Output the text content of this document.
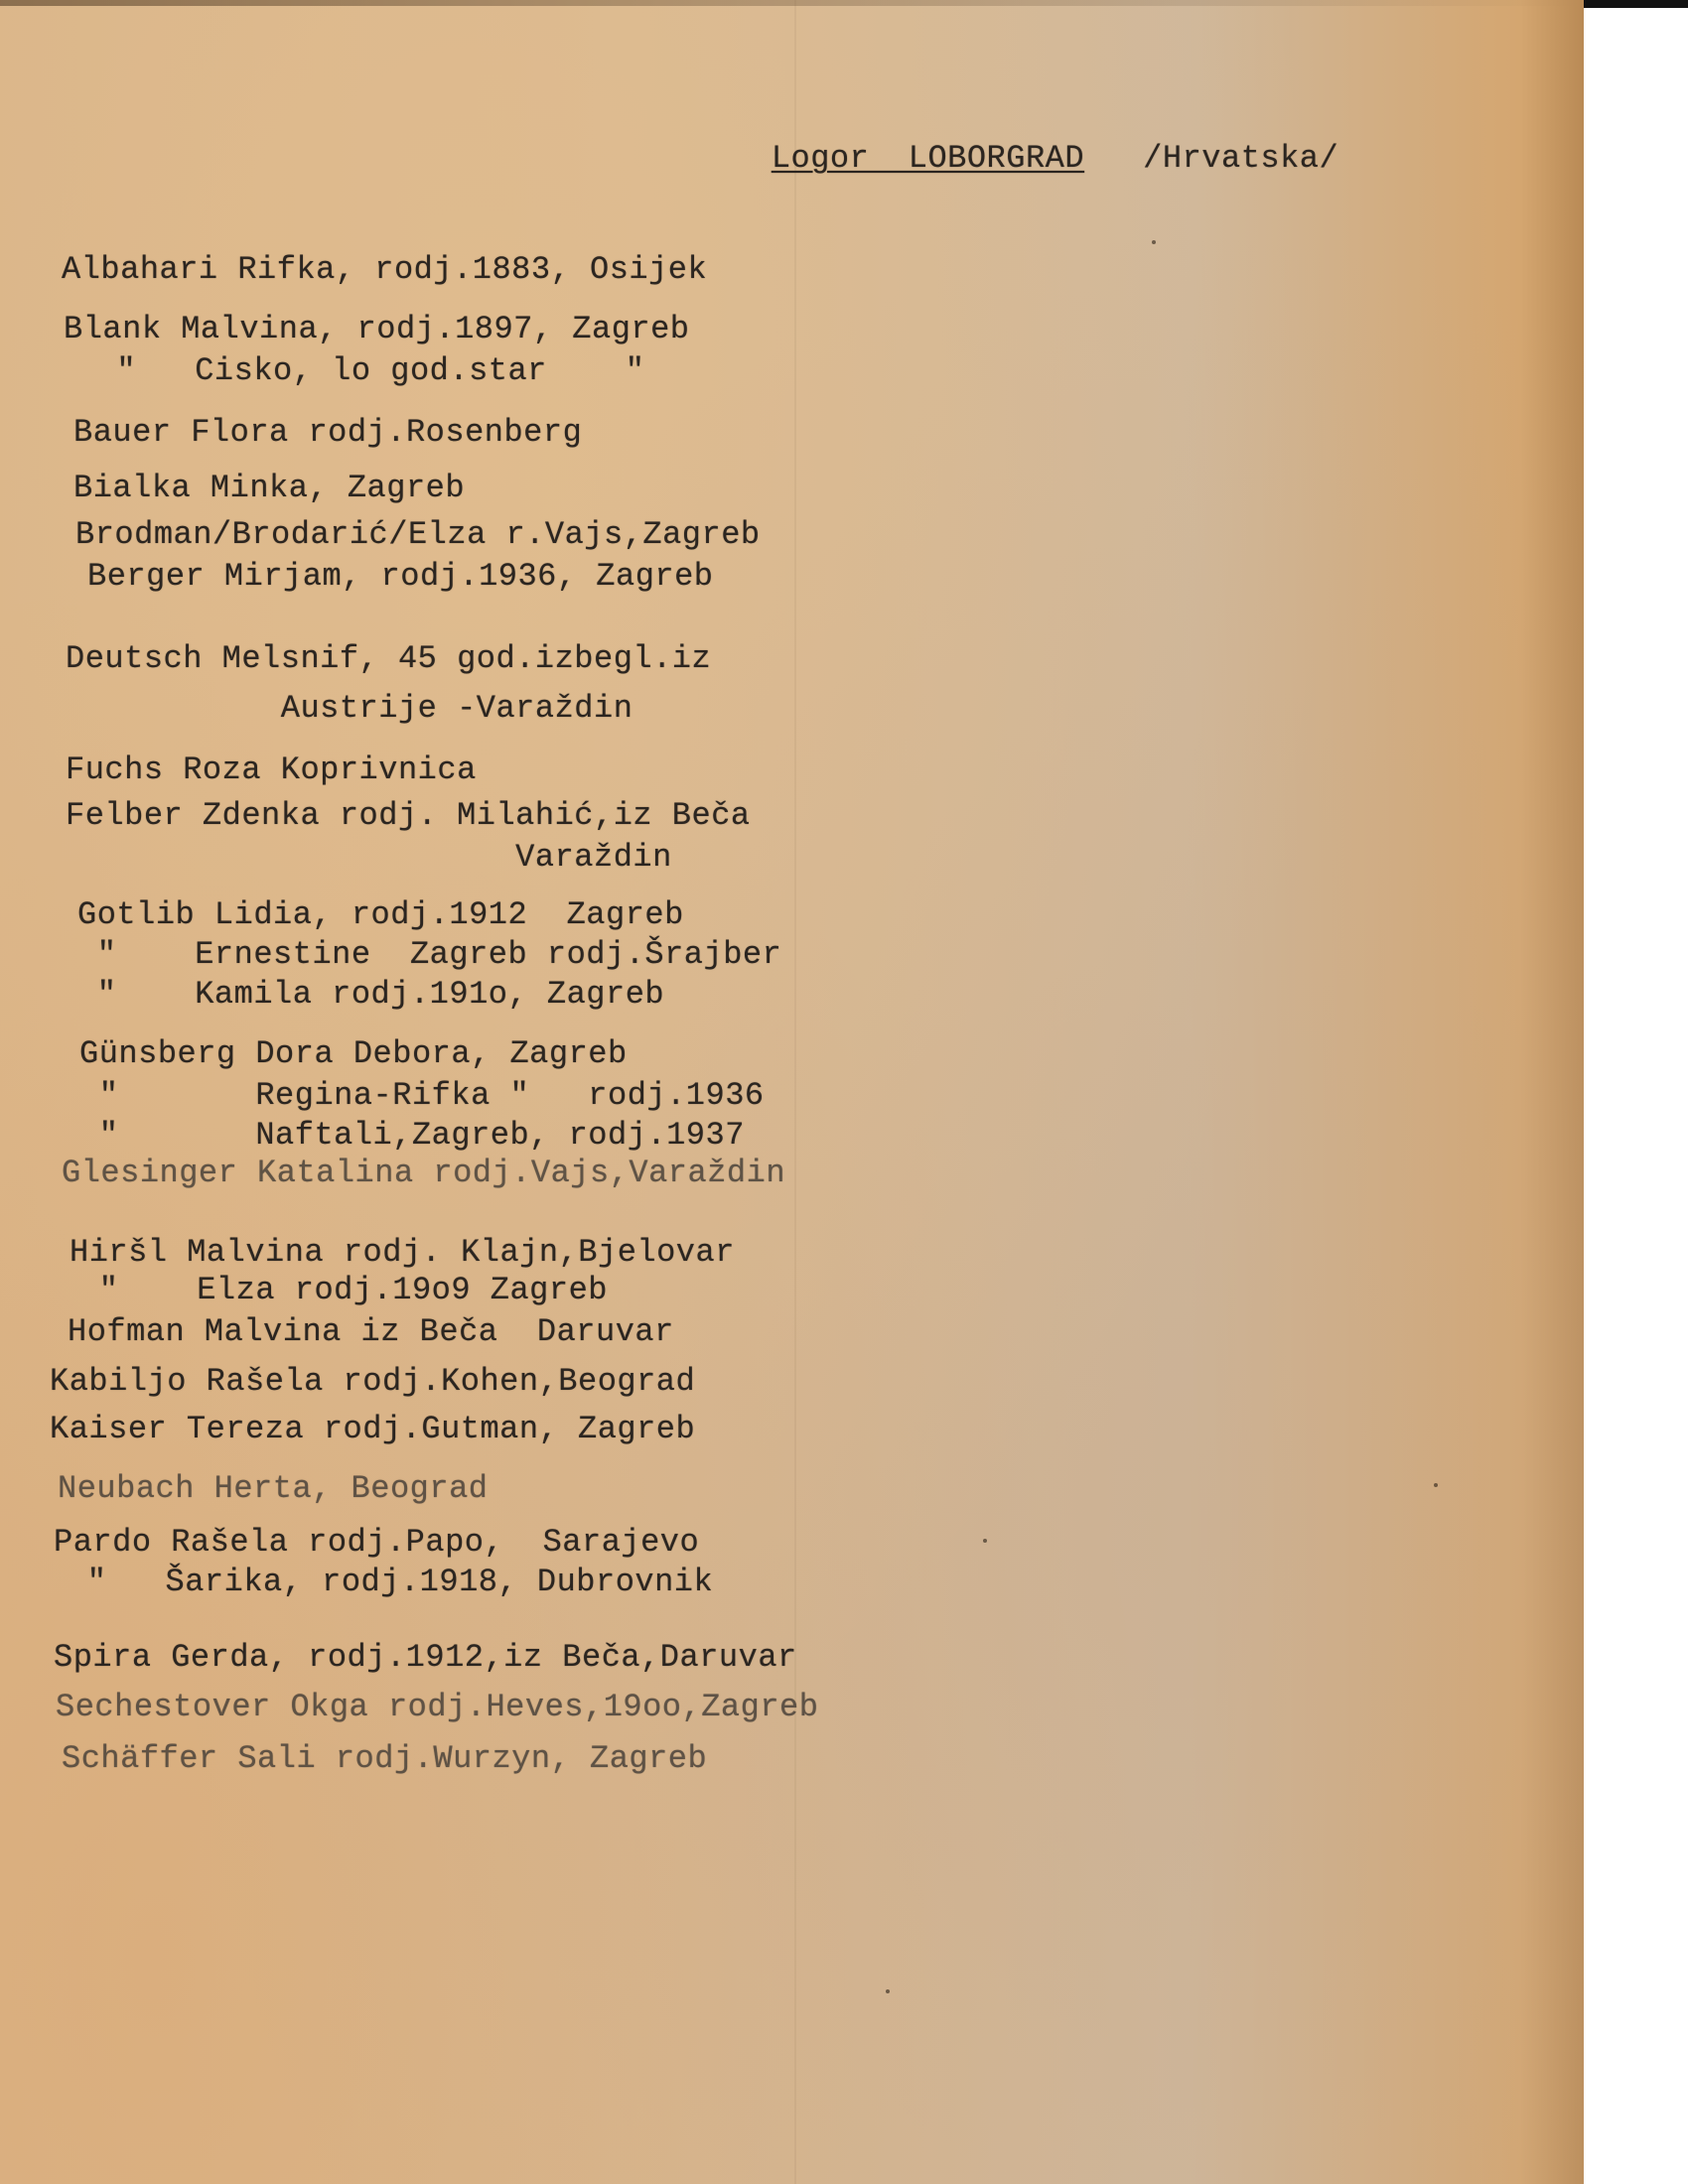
Logor  LOBORGRAD /Hrvatska/

Albahari Rifka, rodj.1883, Osijek
Blank Malvina, rodj.1897, Zagreb
"   Cisko, lo god.star    "
Bauer Flora rodj.Rosenberg
Bialka Minka, Zagreb
Brodman/Brodarić/Elza r.Vajs,Zagreb
Berger Mirjam, rodj.1936, Zagreb
Deutsch Melsnif, 45 god.izbegl.iz
Austrije -Varaždin
Fuchs Roza Koprivnica
Felber Zdenka rodj. Milahić,iz Beča
Varaždin
Gotlib Lidia, rodj.1912  Zagreb
"    Ernestine  Zagreb rodj.Šrajber
"    Kamila rodj.191o, Zagreb
Günsberg Dora Debora, Zagreb
"       Regina-Rifka "   rodj.1936
"       Naftali,Zagreb, rodj.1937
Glesinger Katalina rodj.Vajs,Varaždin
Hiršl Malvina rodj. Klajn,Bjelovar
"    Elza rodj.19o9 Zagreb
Hofman Malvina iz Beča  Daruvar
Kabiljo Rašela rodj.Kohen,Beograd
Kaiser Tereza rodj.Gutman, Zagreb
Neubach Herta, Beograd
Pardo Rašela rodj.Papo,  Sarajevo
"   Šarika, rodj.1918, Dubrovnik
Spira Gerda, rodj.1912,iz Beča,Daruvar
Sechestover Okga rodj.Heves,19oo,Zagreb
Schäffer Sali rodj.Wurzyn, Zagreb
